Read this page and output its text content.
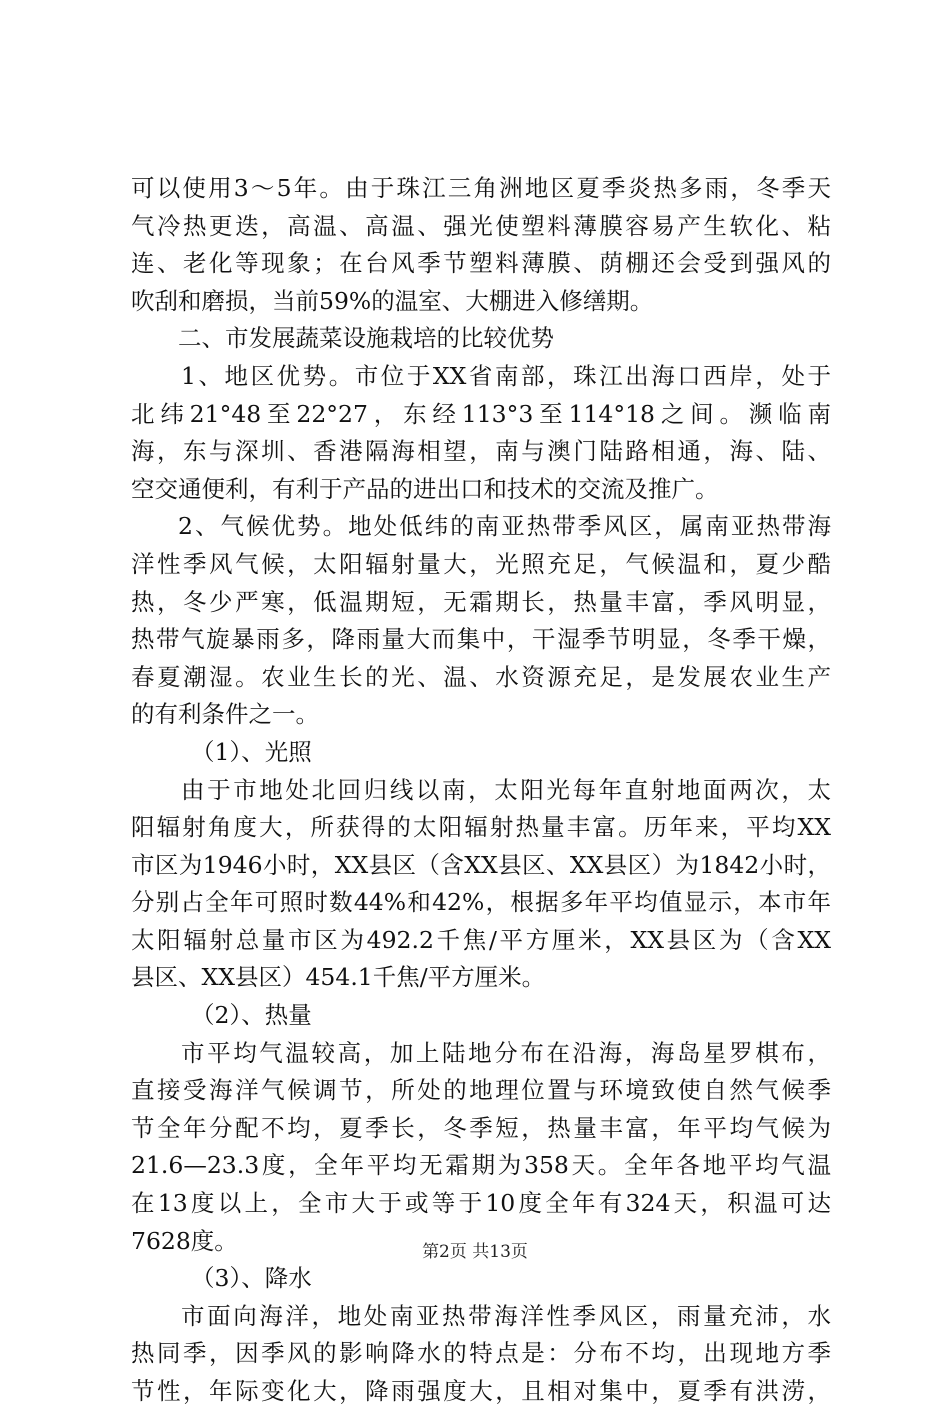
可以使用3～5年。由于珠江三角洲地区夏季炎热多雨，冬季天
气冷热更迭，高温、高温、强光使塑料薄膜容易产生软化、粘
连、老化等现象；在台风季节塑料薄膜、荫棚还会受到强风的
吹刮和磨损，当前59%的温室、大棚进入修缮期。
二、市发展蔬菜设施栽培的比较优势
1、地区优势。市位于XX省南部，珠江出海口西岸，处于
北纬21°48至22°27，东经113°3至114°18之间。濒临南
海，东与深圳、香港隔海相望，南与澳门陆路相通，海、陆、
空交通便利，有利于产品的进出口和技术的交流及推广。
2、气候优势。地处低纬的南亚热带季风区，属南亚热带海
洋性季风气候，太阳辐射量大，光照充足，气候温和，夏少酷
热，冬少严寒，低温期短，无霜期长，热量丰富，季风明显，
热带气旋暴雨多，降雨量大而集中，干湿季节明显，冬季干燥，
春夏潮湿。农业生长的光、温、水资源充足，是发展农业生产
的有利条件之一。
（1）、光照
由于市地处北回归线以南，太阳光每年直射地面两次，太
阳辐射角度大，所获得的太阳辐射热量丰富。历年来，平均XX
市区为1946小时，XX县区（含XX县区、XX县区）为1842小时，
分别占全年可照时数44%和42%，根据多年平均值显示，本市年
太阳辐射总量市区为492.2千焦/平方厘米，XX县区为（含XX
县区、XX县区）454.1千焦/平方厘米。
（2）、热量
市平均气温较高，加上陆地分布在沿海，海岛星罗棋布，
直接受海洋气候调节，所处的地理位置与环境致使自然气候季
节全年分配不均，夏季长，冬季短，热量丰富，年平均气候为
21.6—23.3度，全年平均无霜期为358天。全年各地平均气温
在13度以上，全市大于或等于10度全年有324天，积温可达
7628度。
（3）、降水
市面向海洋，地处南亚热带海洋性季风区，雨量充沛，水
热同季，因季风的影响降水的特点是：分布不均，出现地方季
节性，年际变化大，降雨强度大，且相对集中，夏季有洪涝，
第2页 共13页
